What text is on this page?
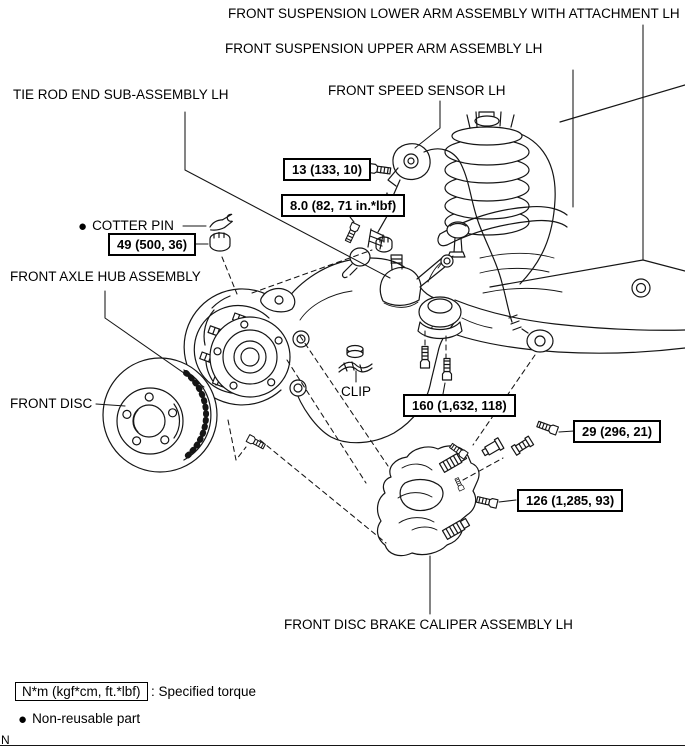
FRONT SUSPENSION LOWER ARM ASSEMBLY WITH ATTACHMENT LH
FRONT SUSPENSION UPPER ARM ASSEMBLY LH
TIE ROD END SUB-ASSEMBLY LH	FRONT SPEED SENSOR LH
● COTTER PIN
FRONT AXLE HUB ASSEMBLY
FRONT DISC
CLIP
FRONT DISC BRAKE CALIPER ASSEMBLY LH
13 (133, 10)
8.0 (82, 71 in.*lbf)
49 (500, 36)
160 (1,632, 118)
29 (296, 21)
126 (1,285, 93)
N*m (kgf*cm, ft.*lbf) : Specified torque
● Non-reusable part
N
